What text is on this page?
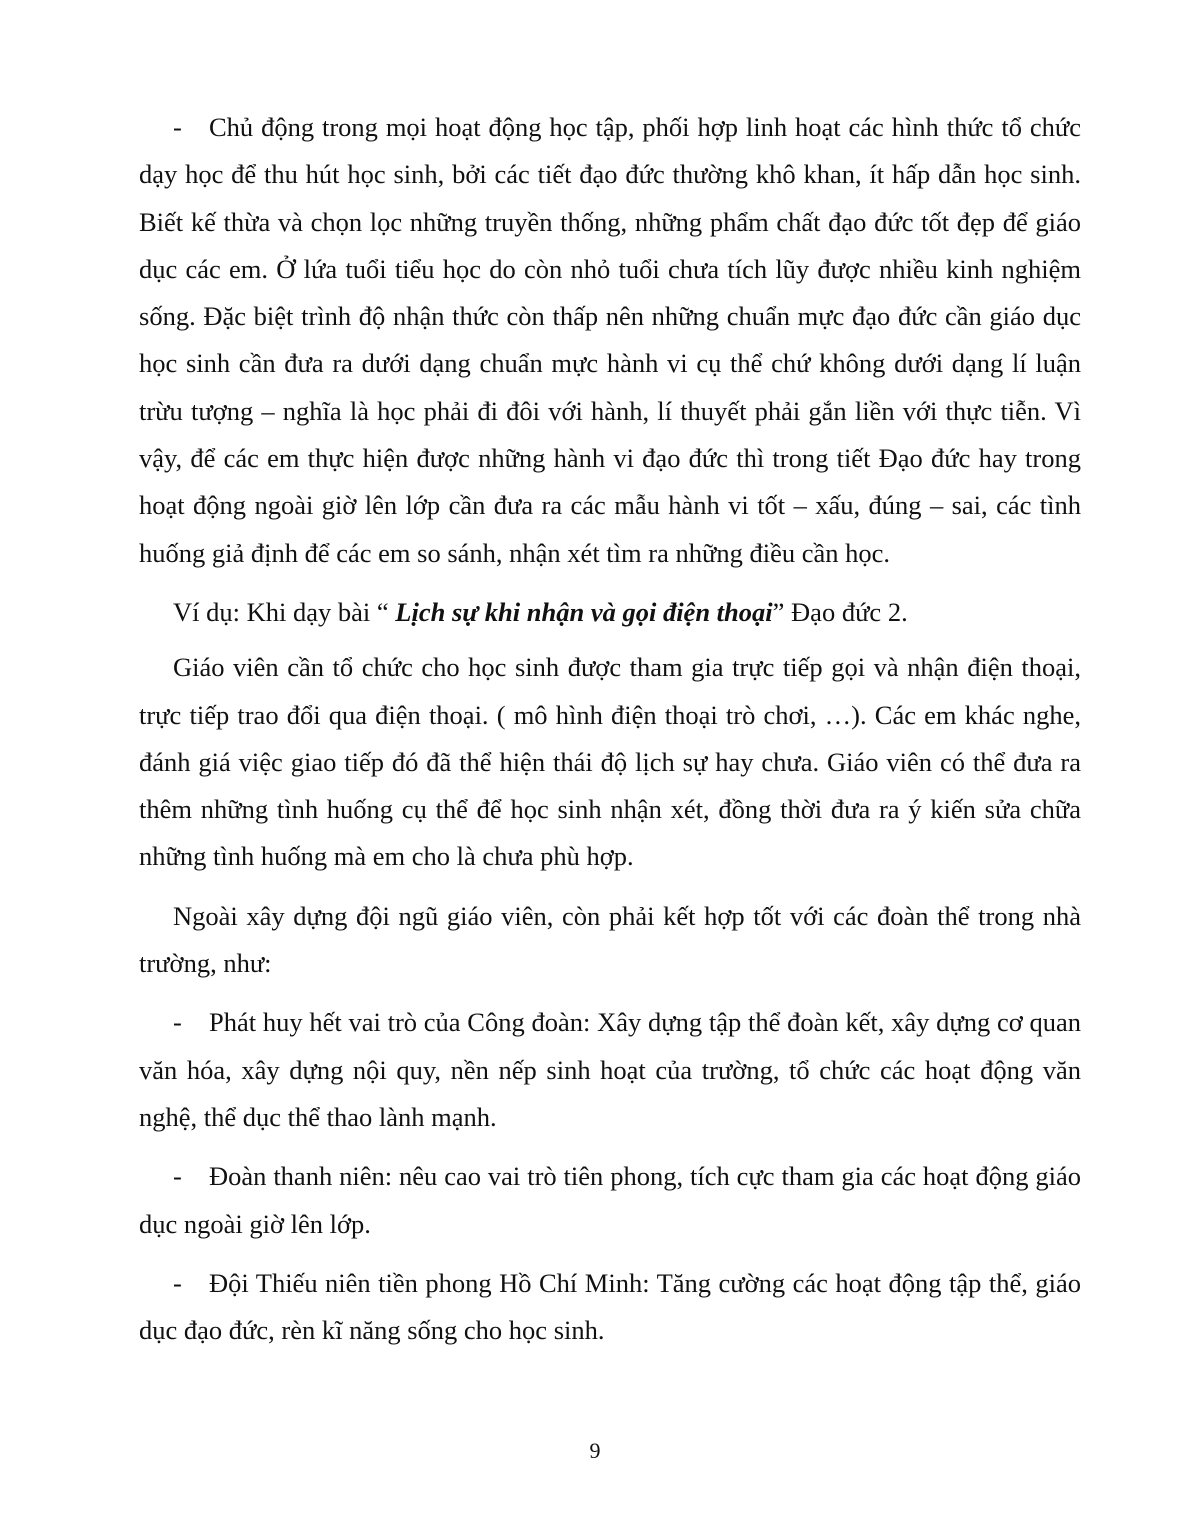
- Chủ động trong mọi hoạt động học tập, phối hợp linh hoạt các hình thức tổ chức dạy học để thu hút học sinh, bởi các tiết đạo đức thường khô khan, ít hấp dẫn học sinh. Biết kế thừa và chọn lọc những truyền thống, những phẩm chất đạo đức tốt đẹp để giáo dục các em. Ở lứa tuổi tiểu học do còn nhỏ tuổi chưa tích lũy được nhiều kinh nghiệm sống. Đặc biệt trình độ nhận thức còn thấp nên những chuẩn mực đạo đức cần giáo dục học sinh cần đưa ra dưới dạng chuẩn mực hành vi cụ thể chứ không dưới dạng lí luận trừu tượng – nghĩa là học phải đi đôi với hành, lí thuyết phải gắn liền với thực tiễn. Vì vậy, để các em thực hiện được những hành vi đạo đức thì trong tiết Đạo đức hay trong hoạt động ngoài giờ lên lớp cần đưa ra các mẫu hành vi tốt – xấu, đúng – sai, các tình huống giả định để các em so sánh, nhận xét tìm ra những điều cần học.

Ví dụ: Khi dạy bài “ Lịch sự khi nhận và gọi điện thoại” Đạo đức 2.

Giáo viên cần tổ chức cho học sinh được tham gia trực tiếp gọi và nhận điện thoại, trực tiếp trao đổi qua điện thoại. ( mô hình điện thoại trò chơi, …). Các em khác nghe, đánh giá việc giao tiếp đó đã thể hiện thái độ lịch sự hay chưa. Giáo viên có thể đưa ra thêm những tình huống cụ thể để học sinh nhận xét, đồng thời đưa ra ý kiến sửa chữa những tình huống mà em cho là chưa phù hợp.

Ngoài xây dựng đội ngũ giáo viên, còn phải kết hợp tốt với các đoàn thể trong nhà trường, như:

- Phát huy hết vai trò của Công đoàn: Xây dựng tập thể đoàn kết, xây dựng cơ quan văn hóa, xây dựng nội quy, nền nếp sinh hoạt của trường, tổ chức các hoạt động văn nghệ, thể dục thể thao lành mạnh.

- Đoàn thanh niên: nêu cao vai trò tiên phong, tích cực tham gia các hoạt động giáo dục ngoài giờ lên lớp.

- Đội Thiếu niên tiền phong Hồ Chí Minh: Tăng cường các hoạt động tập thể, giáo dục đạo đức, rèn kĩ năng sống cho học sinh.

9
